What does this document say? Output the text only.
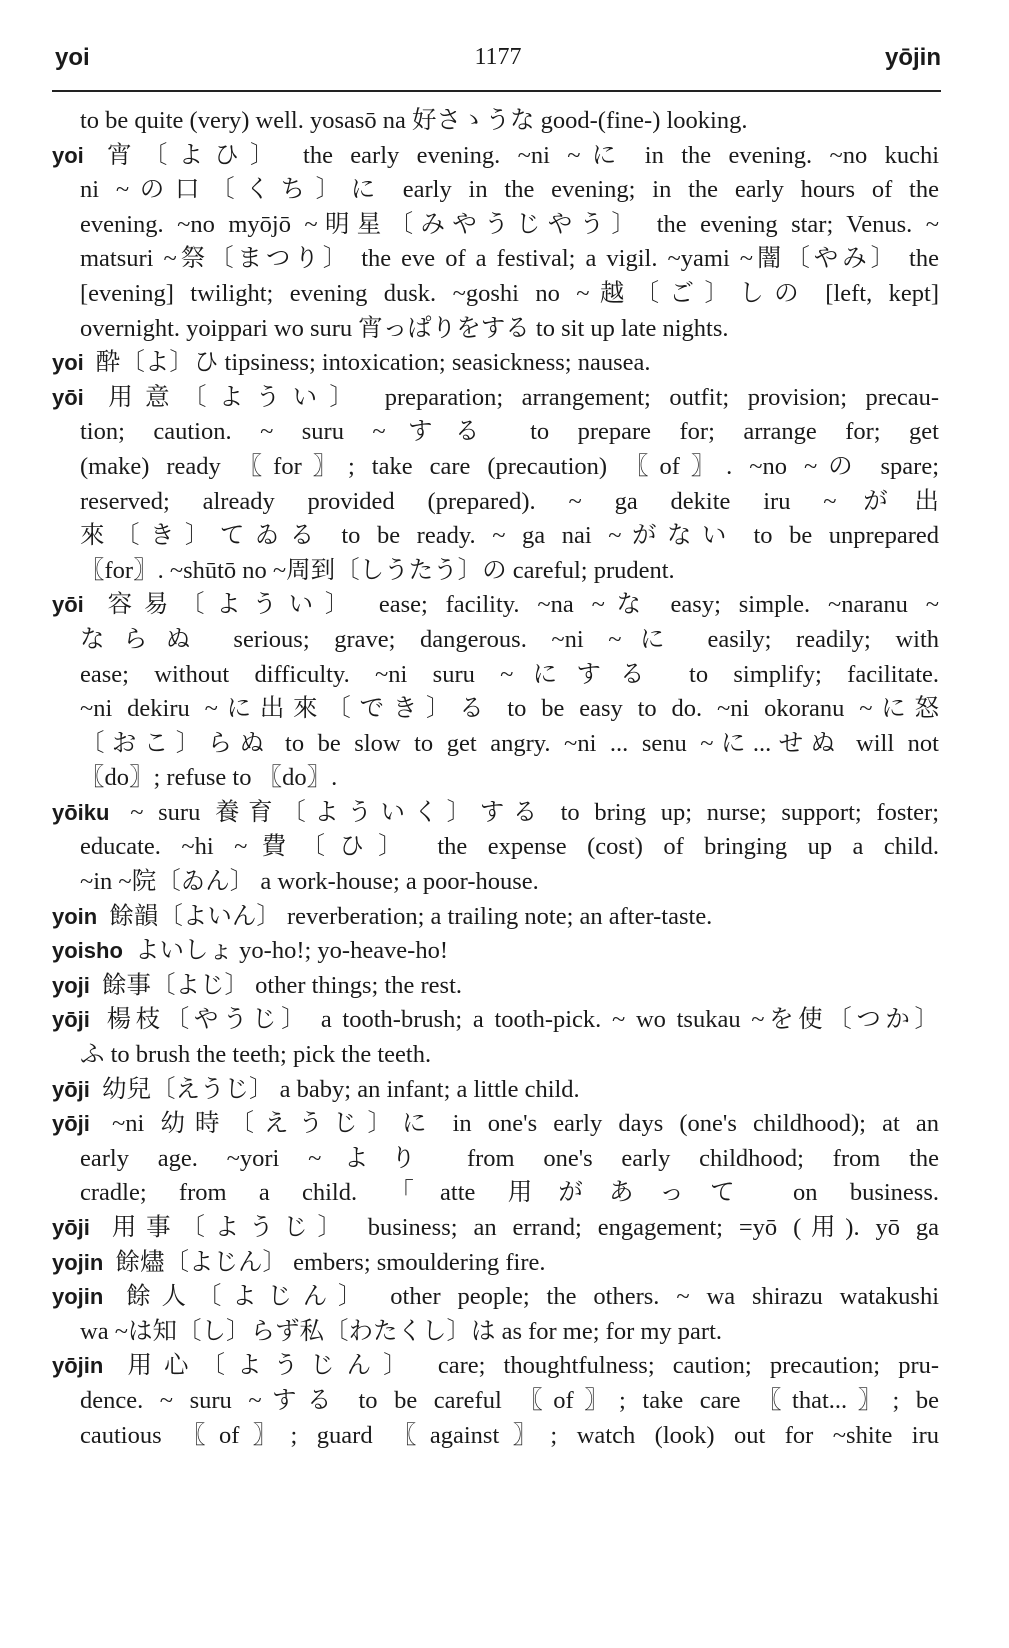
yoi	1177	yōjin
to be quite (very) well. yosasō na 好さゝうな good-(fine-) looking.
yoi 宵〔よひ〕 the early evening. ~ni ~に in the evening. ~no kuchi
ni ~の口〔くち〕に early in the evening; in the early hours of the
evening. ~no myōjō ~明星〔みやうじやう〕 the evening star; Venus. ~
matsuri ~祭〔まつり〕 the eve of a festival; a vigil. ~yami ~闇〔やみ〕 the
[evening] twilight; evening dusk. ~goshi no ~越〔ご〕しの [left, kept]
overnight. yoippari wo suru 宵っぱりをする to sit up late nights.
yoi 酔〔よ〕ひ tipsiness; intoxication; seasickness; nausea.
yōi 用意〔ようい〕 preparation; arrangement; outfit; provision; precau-
tion; caution. ~ suru ~する to prepare for; arrange for; get
(make) ready 〖for〗; take care (precaution) 〖of〗. ~no ~の spare;
reserved; already provided (prepared). ~ ga dekite iru ~が出
來〔き〕てゐる to be ready. ~ ga nai ~がない to be unprepared
〖for〗. ~shūtō no ~周到〔しうたう〕の careful; prudent.
yōi 容易〔ようい〕 ease; facility. ~na ~な easy; simple. ~naranu ~
ならぬ serious; grave; dangerous. ~ni ~に easily; readily; with
ease; without difficulty. ~ni suru ~にする to simplify; facilitate.
~ni dekiru ~に出來〔でき〕る to be easy to do. ~ni okoranu ~に怒
〔おこ〕らぬ to be slow to get angry. ~ni ... senu ~に...せぬ will not
〖do〗; refuse to 〖do〗.
yōiku ~ suru 養育〔よういく〕する to bring up; nurse; support; foster;
educate. ~hi ~費〔ひ〕 the expense (cost) of bringing up a child.
~in ~院〔ゐん〕 a work-house; a poor-house.
yoin 餘韻〔よいん〕 reverberation; a trailing note; an after-taste.
yoisho よいしょ yo-ho!; yo-heave-ho!
yoji 餘事〔よじ〕 other things; the rest.
yōji 楊枝〔やうじ〕 a tooth-brush; a tooth-pick. ~ wo tsukau ~を使〔つか〕
ふ to brush the teeth; pick the teeth.
yōji 幼兒〔えうじ〕 a baby; an infant; a little child.
yōji ~ni 幼時〔えうじ〕に in one's early days (one's childhood); at an
early age. ~yori ~より from one's early childhood; from the
cradle; from a child. 「atte 用があって on business.
yōji 用事〔ようじ〕 business; an errand; engagement; =yō (用). yō ga
yojin 餘燼〔よじん〕 embers; smouldering fire.
yojin 餘人〔よじん〕 other people; the others. ~ wa shirazu watakushi
wa ~は知〔し〕らず私〔わたくし〕は as for me; for my part.
yōjin 用心〔ようじん〕 care; thoughtfulness; caution; precaution; pru-
dence. ~ suru ~する to be careful 〖of〗; take care 〖that...〗; be
cautious 〖of〗; guard 〖against〗; watch (look) out for ~shite iru
